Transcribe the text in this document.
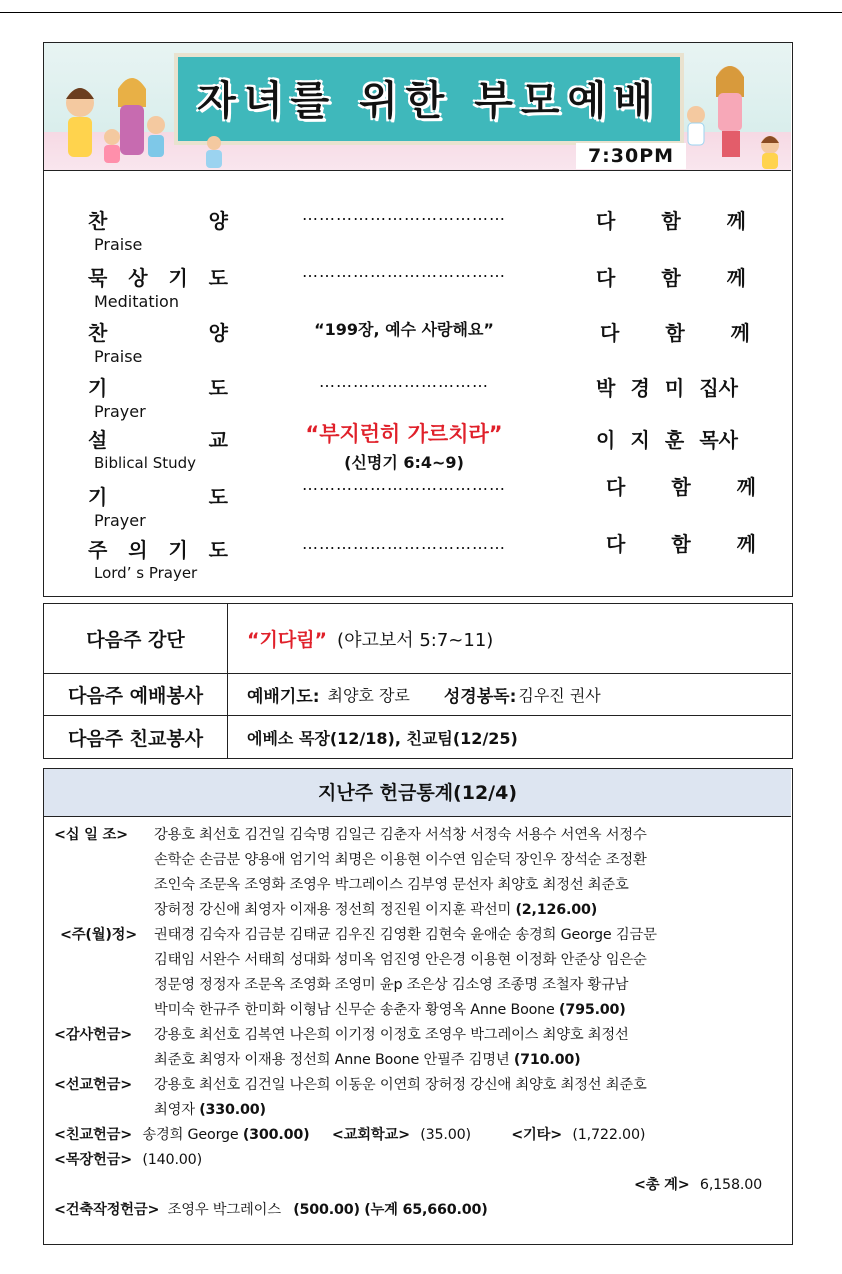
자녀를 위한 부모예배
7:30PM
찬	양
Praise
………………………………	다 함 께
묵 상 기 도
Meditation
………………………………	다 함 께
찬	양
Praise
“199장, 예수 사랑해요”	다 함 께
기	도
Prayer
…………………………	박 경 미 집사
설	교
Biblical Study
“부지런히 가르치라”
(신명기 6:4~9)
이 지 훈 목사
기	도
Prayer
………………………………	다 함 께
주 의 기 도
Lord’ s Prayer
………………………………	다 함 께
다음주 강단	“기다림” (야고보서 5:7~11)
다음주 예배봉사	예배기도: 최양호 장로 성경봉독: 김우진 권사
다음주 친교봉사	에베소 목장(12/18), 친교팀(12/25)
지난주 헌금통계(12/4)
<십 일 조> 강용호 최선호 김건일 김숙명 김일근 김춘자 서석창 서정숙 서용수 서연옥 서정수
손학순 손금분 양용애 엄기억 최명은 이용현 이수연 임순덕 장인우 장석순 조정환
조인숙 조문옥 조영화 조영우 박그레이스 김부영 문선자 최양호 최정선 최준호
장허정 강신애 최영자 이재용 정선희 정진원 이지훈 곽선미 (2,126.00)
<주(월)정> 권태경 김숙자 김금분 김태균 김우진 김영환 김현숙 윤애순 송경희 George 김금문
김태임 서완수 서태희 성대화 성미옥 엄진영 안은경 이용현 이정화 안준상 임은순
정문영 정정자 조문옥 조영화 조영미 윤p 조은상 김소영 조종명 조철자 황규남
박미숙 한규주 한미화 이형남 신무순 송춘자 황영옥 Anne Boone (795.00)
<감사헌금> 강용호 최선호 김복연 나은희 이기정 이정호 조영우 박그레이스 최양호 최정선
최준호 최영자 이재용 정선희 Anne Boone 안필주 김명년 (710.00)
<선교헌금> 강용호 최선호 김건일 나은희 이동운 이연희 장허정 강신애 최양호 최정선 최준호
최영자 (330.00)
<친교헌금> 송경희 George (300.00) <교회학교> (35.00)	<기타> (1,722.00)
<목장헌금> (140.00)
<총 계> 6,158.00
<건축작정헌금> 조영우 박그레이스 (500.00) (누계 65,660.00)
